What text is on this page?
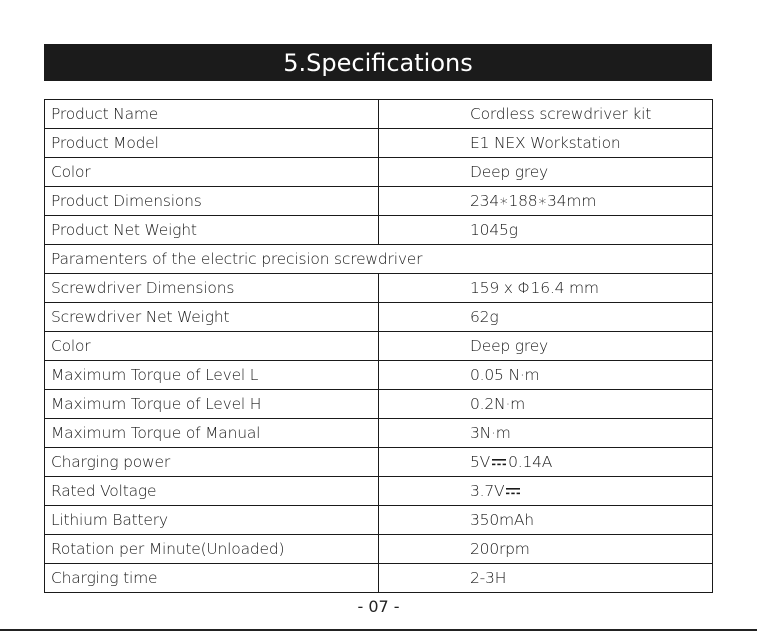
5.Specifications
Product Name	Cordless screwdriver kit
Product Model	E1 NEX Workstation
Color	Deep grey
Product Dimensions	234∗188∗34mm
Product Net Weight	1045g
Paramenters of the electric precision screwdriver	
Screwdriver Dimensions	159 x Φ16.4 mm
Screwdriver Net Weight	62g
Color	Deep grey
Maximum Torque of Level L	0.05 N·m
Maximum Torque of Level H	0.2N·m
Maximum Torque of Manual	3N·m
Charging power	5V 0.14A
Rated Voltage	3.7V
Lithium Battery	350mAh
Rotation per Minute(Unloaded)	200rpm
Charging time	2-3H
- 07 -
